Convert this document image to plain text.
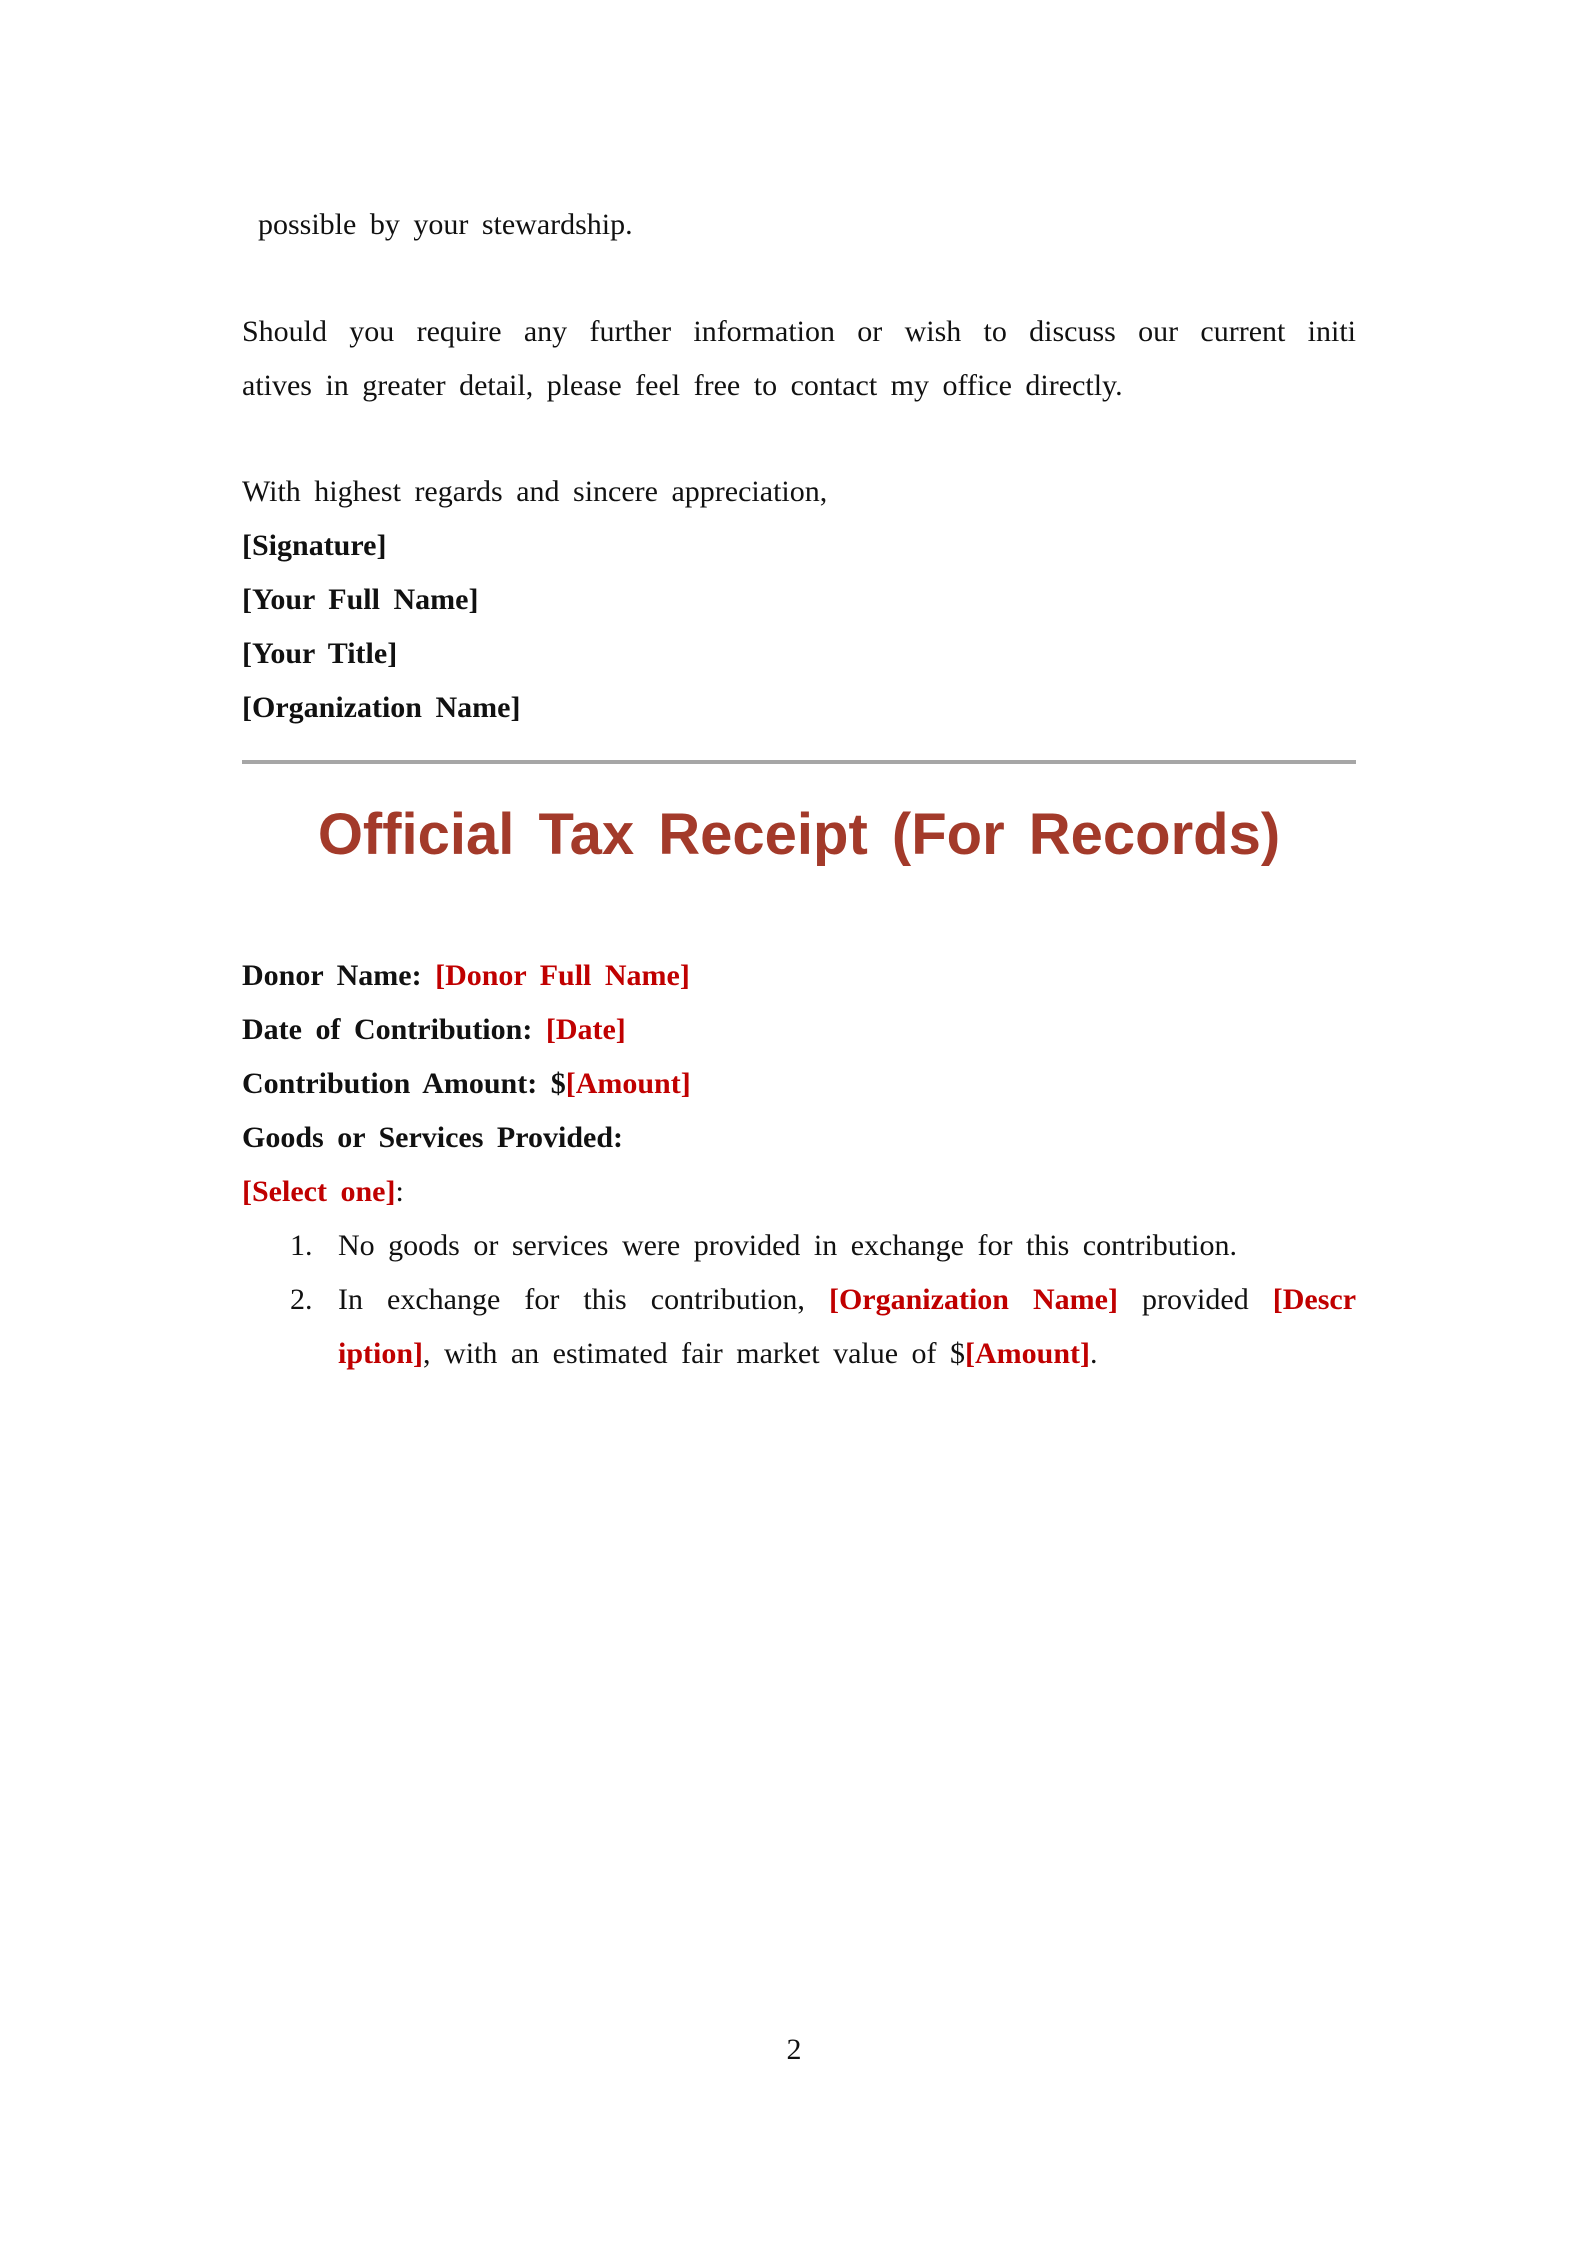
possible by your stewardship.
Should you require any further information or wish to discuss our current initi
atives in greater detail, please feel free to contact my office directly.
With highest regards and sincere appreciation,
[Signature]
[Your Full Name]
[Your Title]
[Organization Name]
Official Tax Receipt (For Records)
Donor Name: [Donor Full Name]
Date of Contribution: [Date]
Contribution Amount: $[Amount]
Goods or Services Provided:
[Select one]:
1. No goods or services were provided in exchange for this contribution.
2. In exchange for this contribution, [Organization Name] provided [Descr
iption], with an estimated fair market value of $[Amount].
2
